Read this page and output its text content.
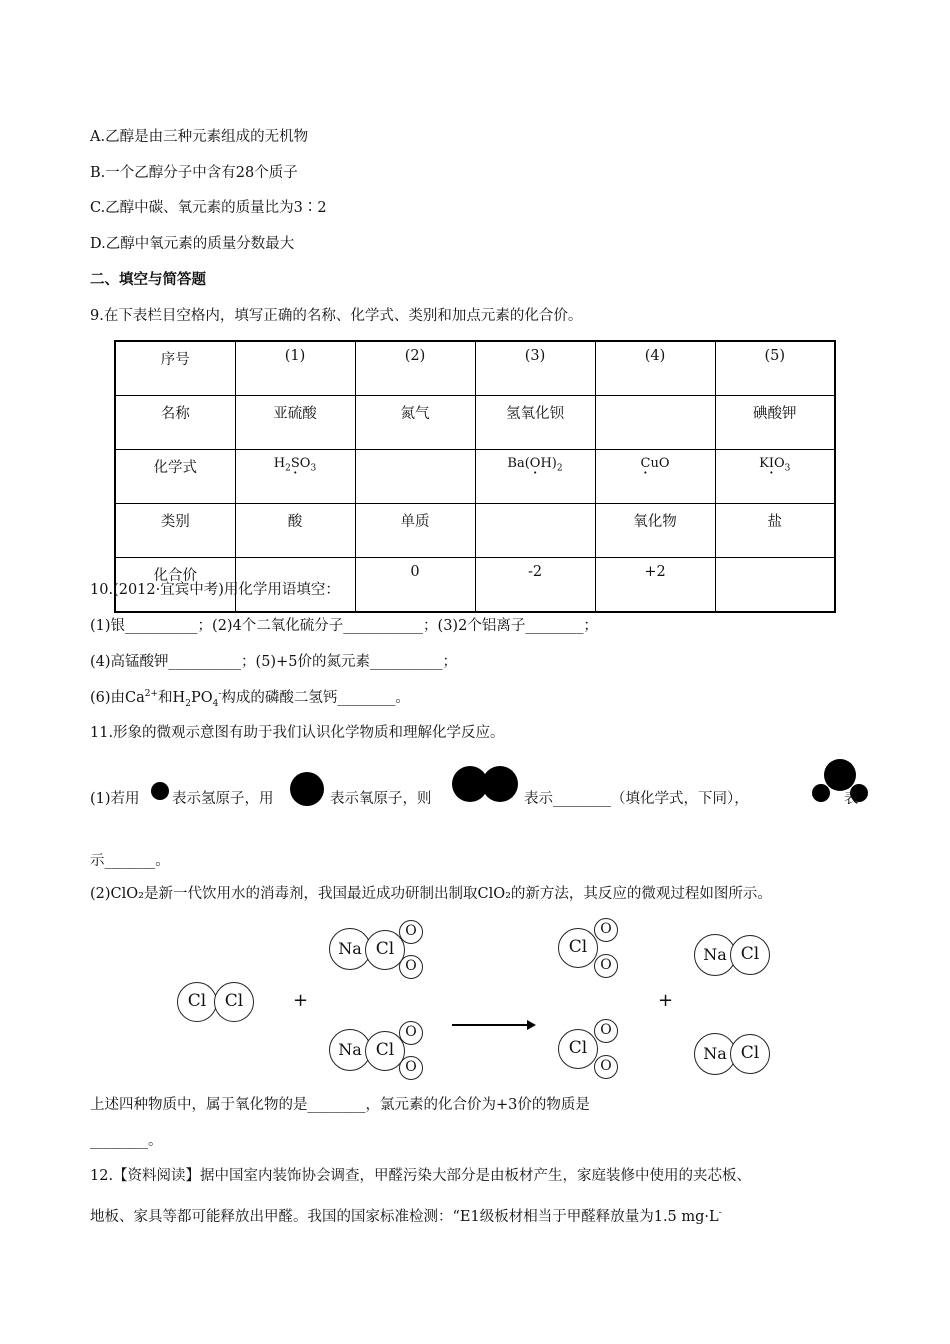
A.乙醇是由三种元素组成的无机物
B.一个乙醇分子中含有28个质子
C.乙醇中碳、氧元素的质量比为3∶2
D.乙醇中氧元素的质量分数最大
二、填空与简答题
9.在下表栏目空格内，填写正确的名称、化学式、类别和加点元素的化合价。
序号	(1)	(2)	(3)	(4)	(5)
名称	亚硫酸	氮气	氢氧化钡		碘酸钾
化学式	$H_2S \cdot O_3$		$Ba(O \cdot H)_2$	C ·uO	KI $\cdot O_3$
类别	酸	单质		氧化物	盐
化合价		0	-2	+2	
10.(2012·宜宾中考)用化学用语填空：
(1)银__________；(2)4个二氧化硫分子___________；(3)2个铝离子________；
(4)高锰酸钾__________；(5)+5价的氮元素__________；
(6)由$Ca^{2+}$和$H_2PO_4^-$构成的磷酸二氢钙________。
11.形象的微观示意图有助于我们认识化学物质和理解化学反应。
(1)若用 表示氢原子，用	表示氧原子，则	表示________（填化学式，下同），	表
示_______。
(2)ClO₂是新一代饮用水的消毒剂，我国最近成功研制出制取ClO₂的新方法，其反应的微观过程如图所示。
Cl	Cl	+
Na Cl
O
O
Na Cl
O
O
Cl
O
O
Cl
O
O
+
Na Cl
Na Cl
上述四种物质中，属于氧化物的是________，氯元素的化合价为+3价的物质是
________。
12.【资料阅读】据中国室内装饰协会调查，甲醛污染大部分是由板材产生，家庭装修中使用的夹芯板、
地板、家具等都可能释放出甲醛。我国的国家标准检测：“E1级板材相当于甲醛释放量为1.5 mg·L-
